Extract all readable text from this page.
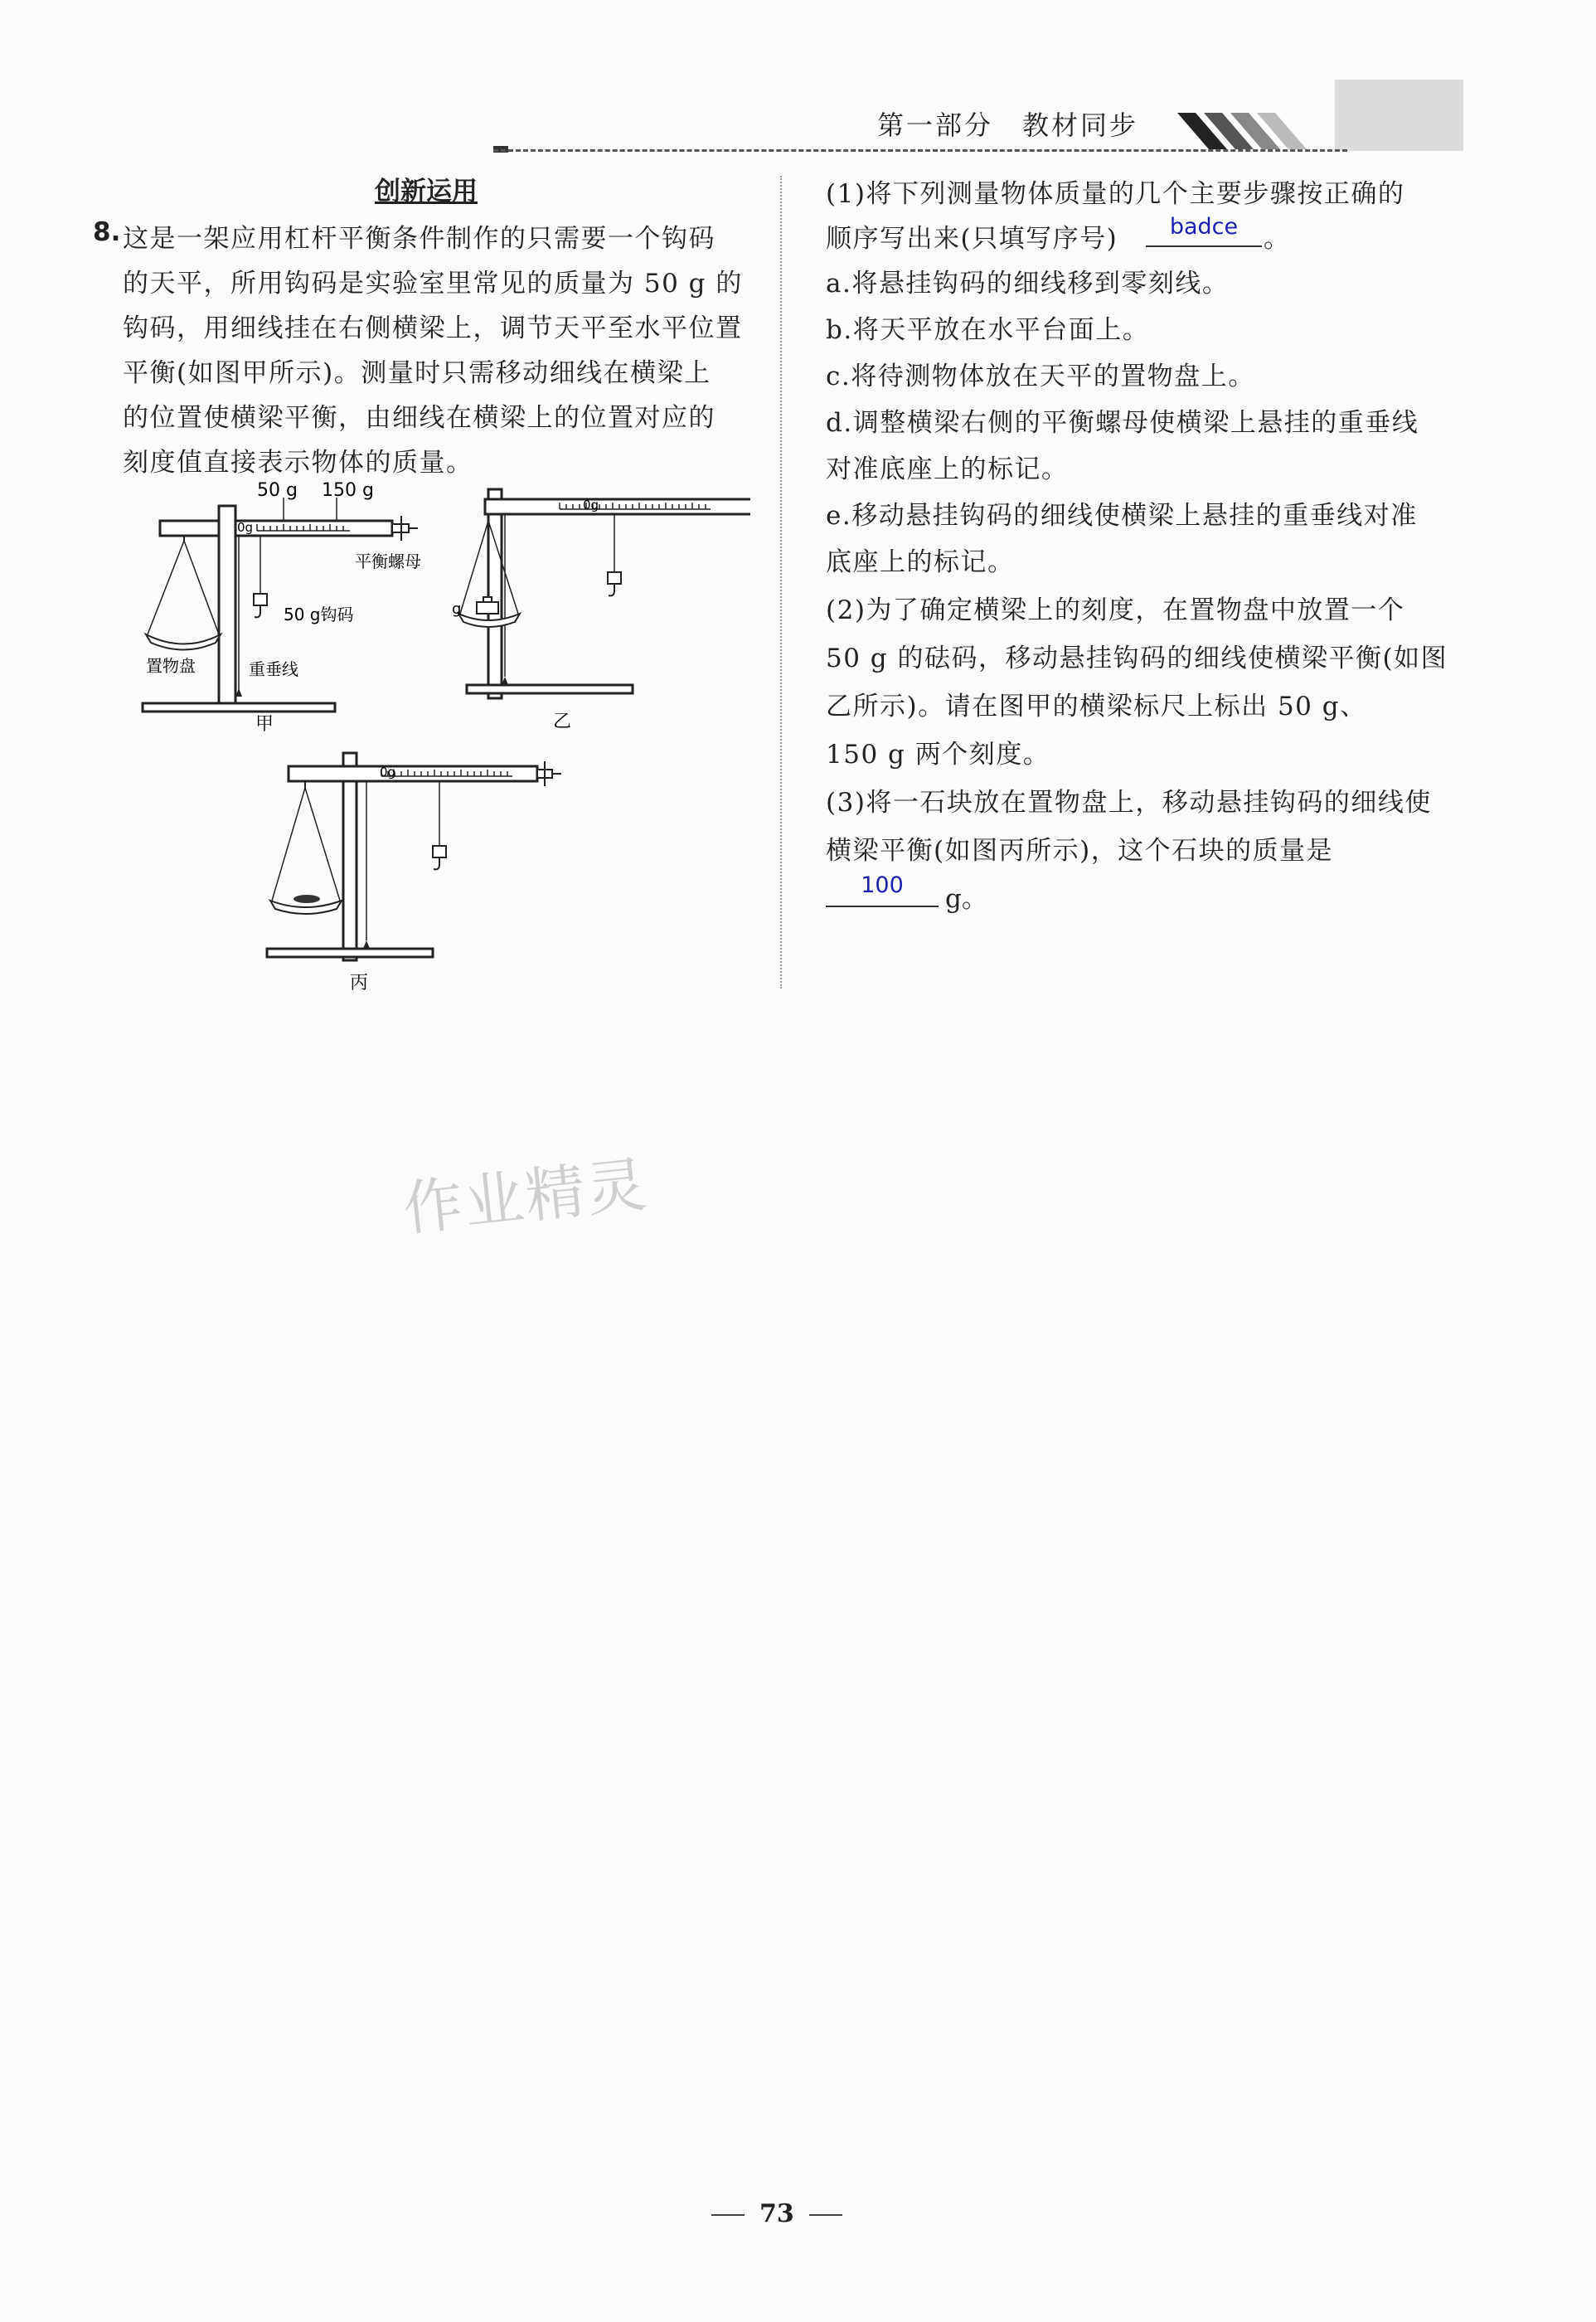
第一部分　教材同步
创新运用
8. 这是一架应用杠杆平衡条件制作的只需要一个钩码
的天平，所用钩码是实验室里常见的质量为 50 g 的
钩码，用细线挂在右侧横梁上，调节天平至水平位置
平衡(如图甲所示)。测量时只需移动细线在横梁上
的位置使横梁平衡，由细线在横梁上的位置对应的
刻度值直接表示物体的质量。
50 g 150 g
0g
平衡螺母
50 g钩码
置物盘	重垂线
甲
g
0g
乙
0g
丙
(1)将下列测量物体质量的几个主要步骤按正确的
顺序写出来(只填写序号)	badce 。
a.将悬挂钩码的细线移到零刻线。
b.将天平放在水平台面上。
c.将待测物体放在天平的置物盘上。
d.调整横梁右侧的平衡螺母使横梁上悬挂的重垂线
对准底座上的标记。
e.移动悬挂钩码的细线使横梁上悬挂的重垂线对准
底座上的标记。
(2)为了确定横梁上的刻度，在置物盘中放置一个
50 g 的砝码，移动悬挂钩码的细线使横梁平衡(如图
乙所示)。请在图甲的横梁标尺上标出 50 g、
150 g 两个刻度。
(3)将一石块放在置物盘上，移动悬挂钩码的细线使
横梁平衡(如图丙所示)，这个石块的质量是
100	g。
作业精灵
73
